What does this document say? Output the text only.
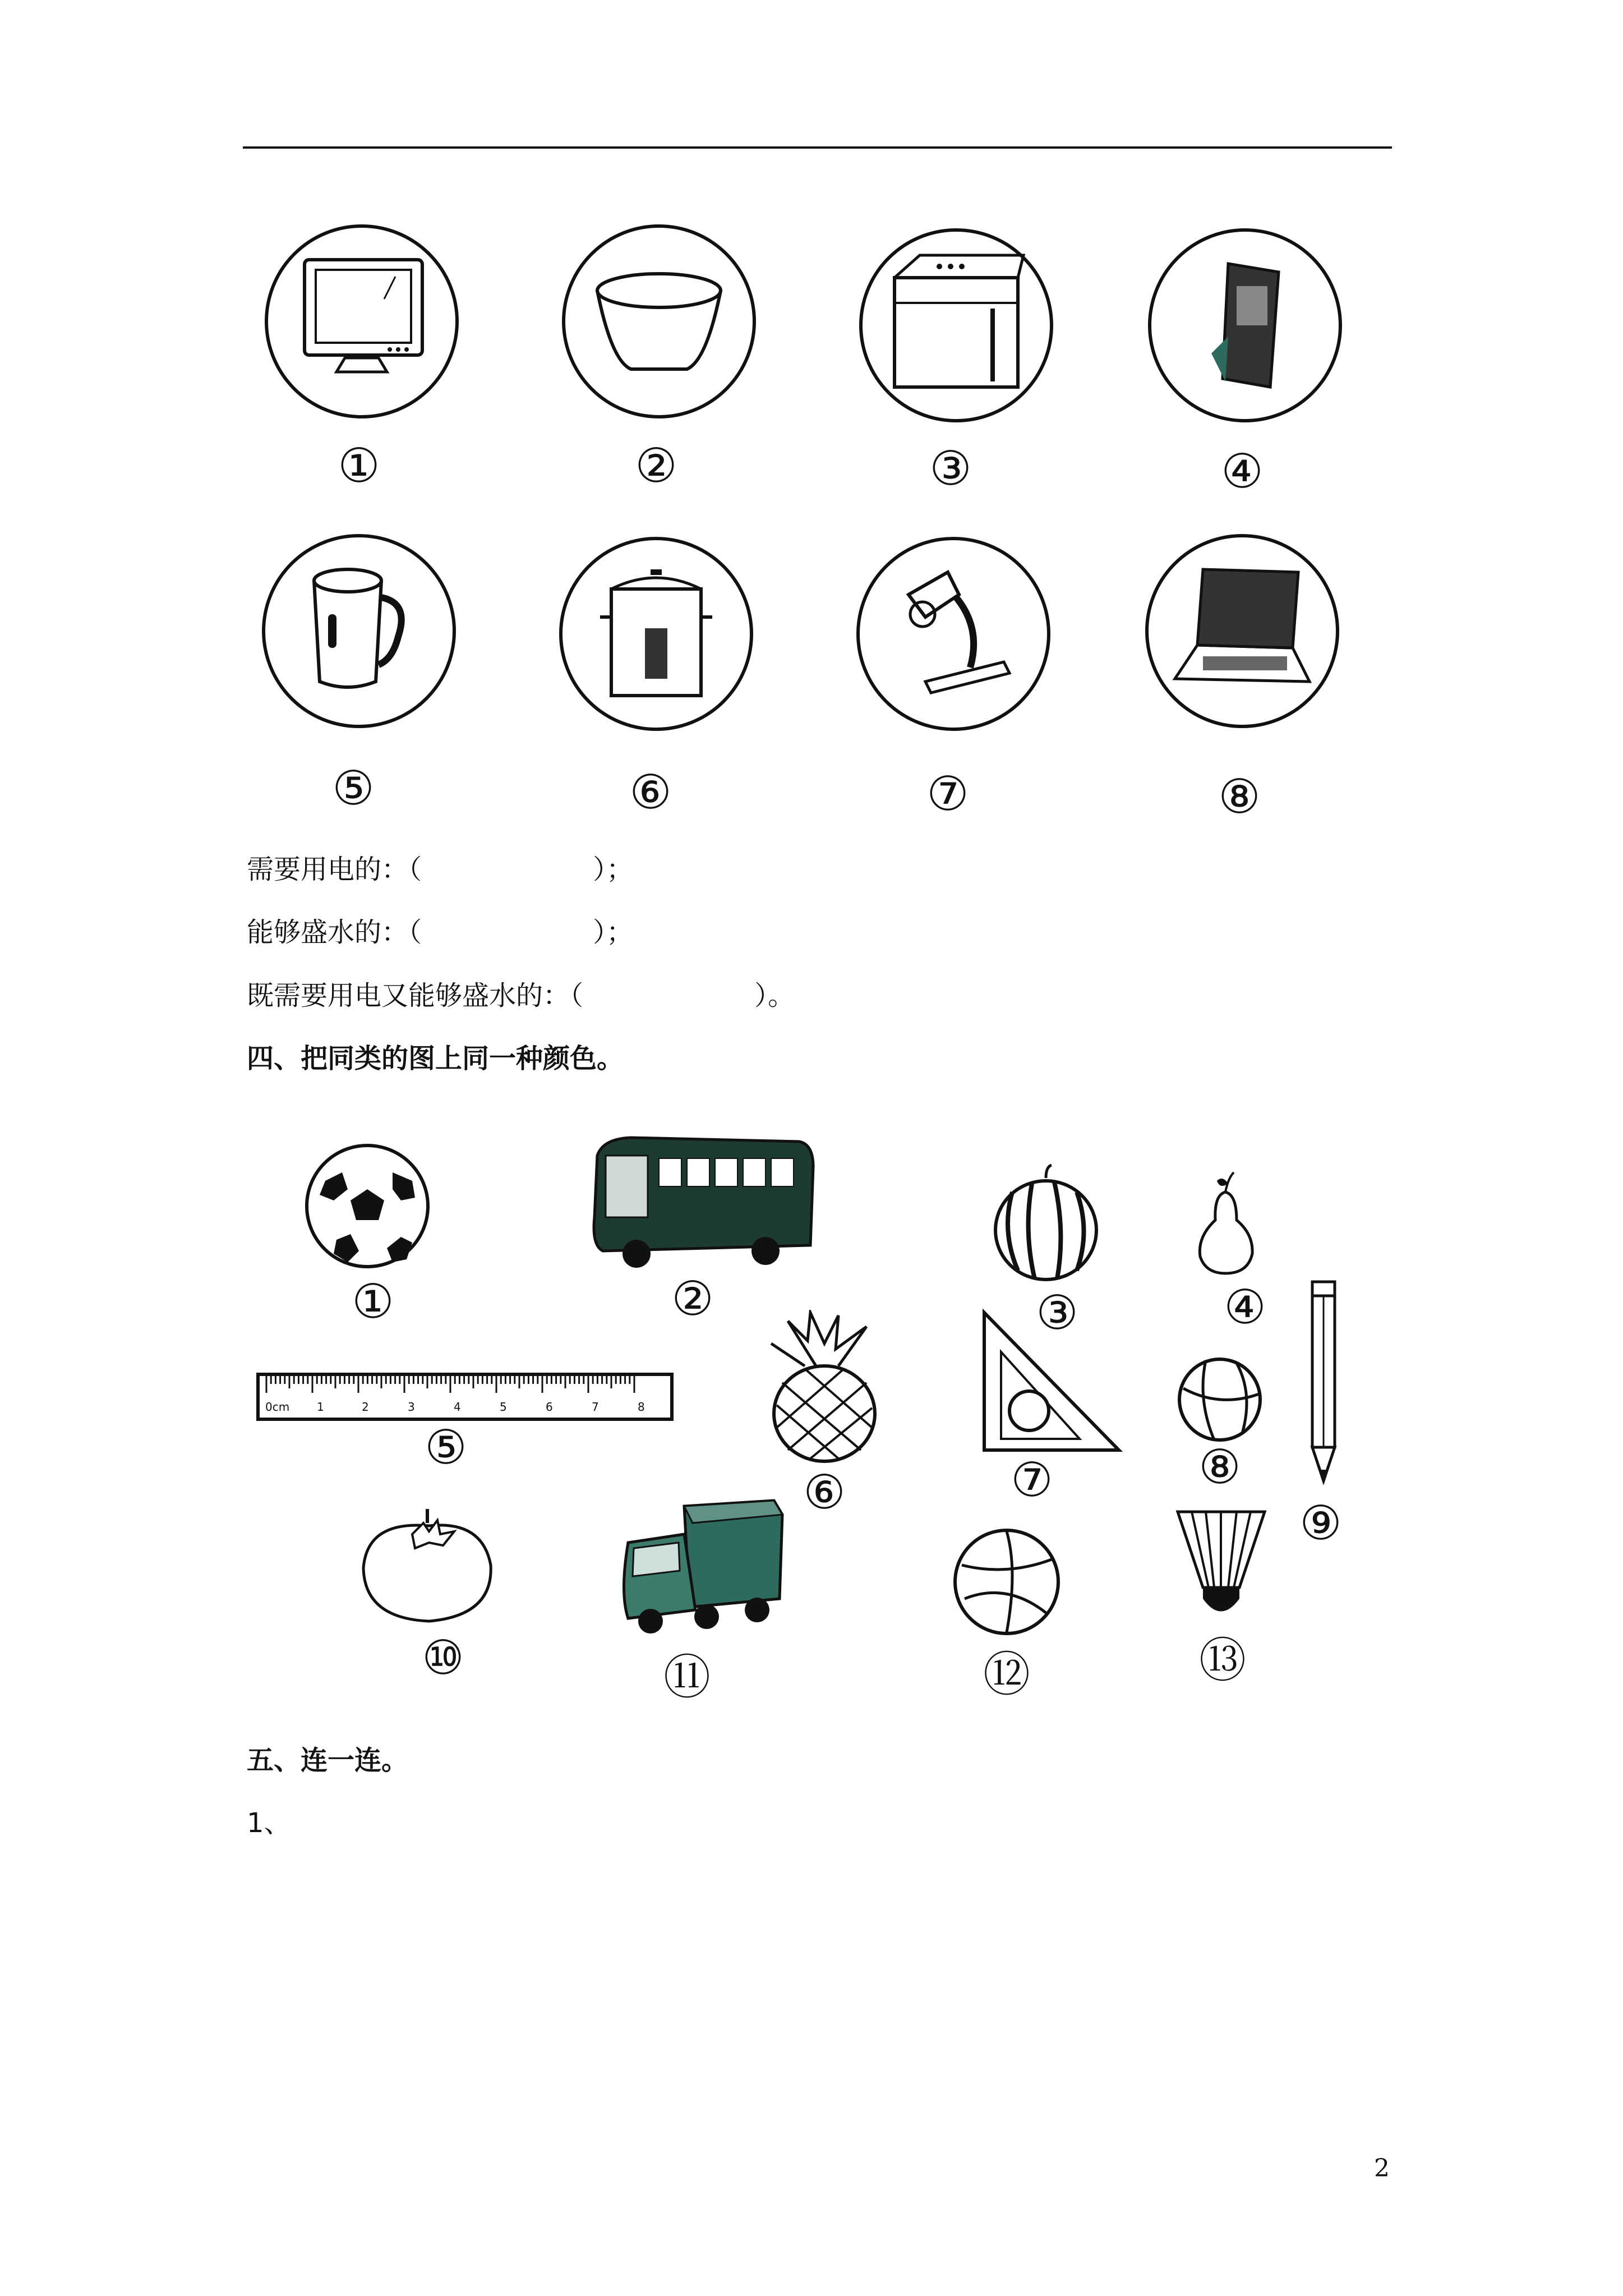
①	②	③	④
⑤	⑥	⑦	⑧
需要用电的：（                    ）；
能够盛水的：（                    ）；
既需要用电又能够盛水的：（                    ）。
四、把同类的图上同一种颜色。
①	②	③	④
⑨
0cm 1	2	3	4	5	6	7	8
⑤
⑥	⑦	⑧
⑩	⑪	⑫	⑬
五、连一连。
1、
2
